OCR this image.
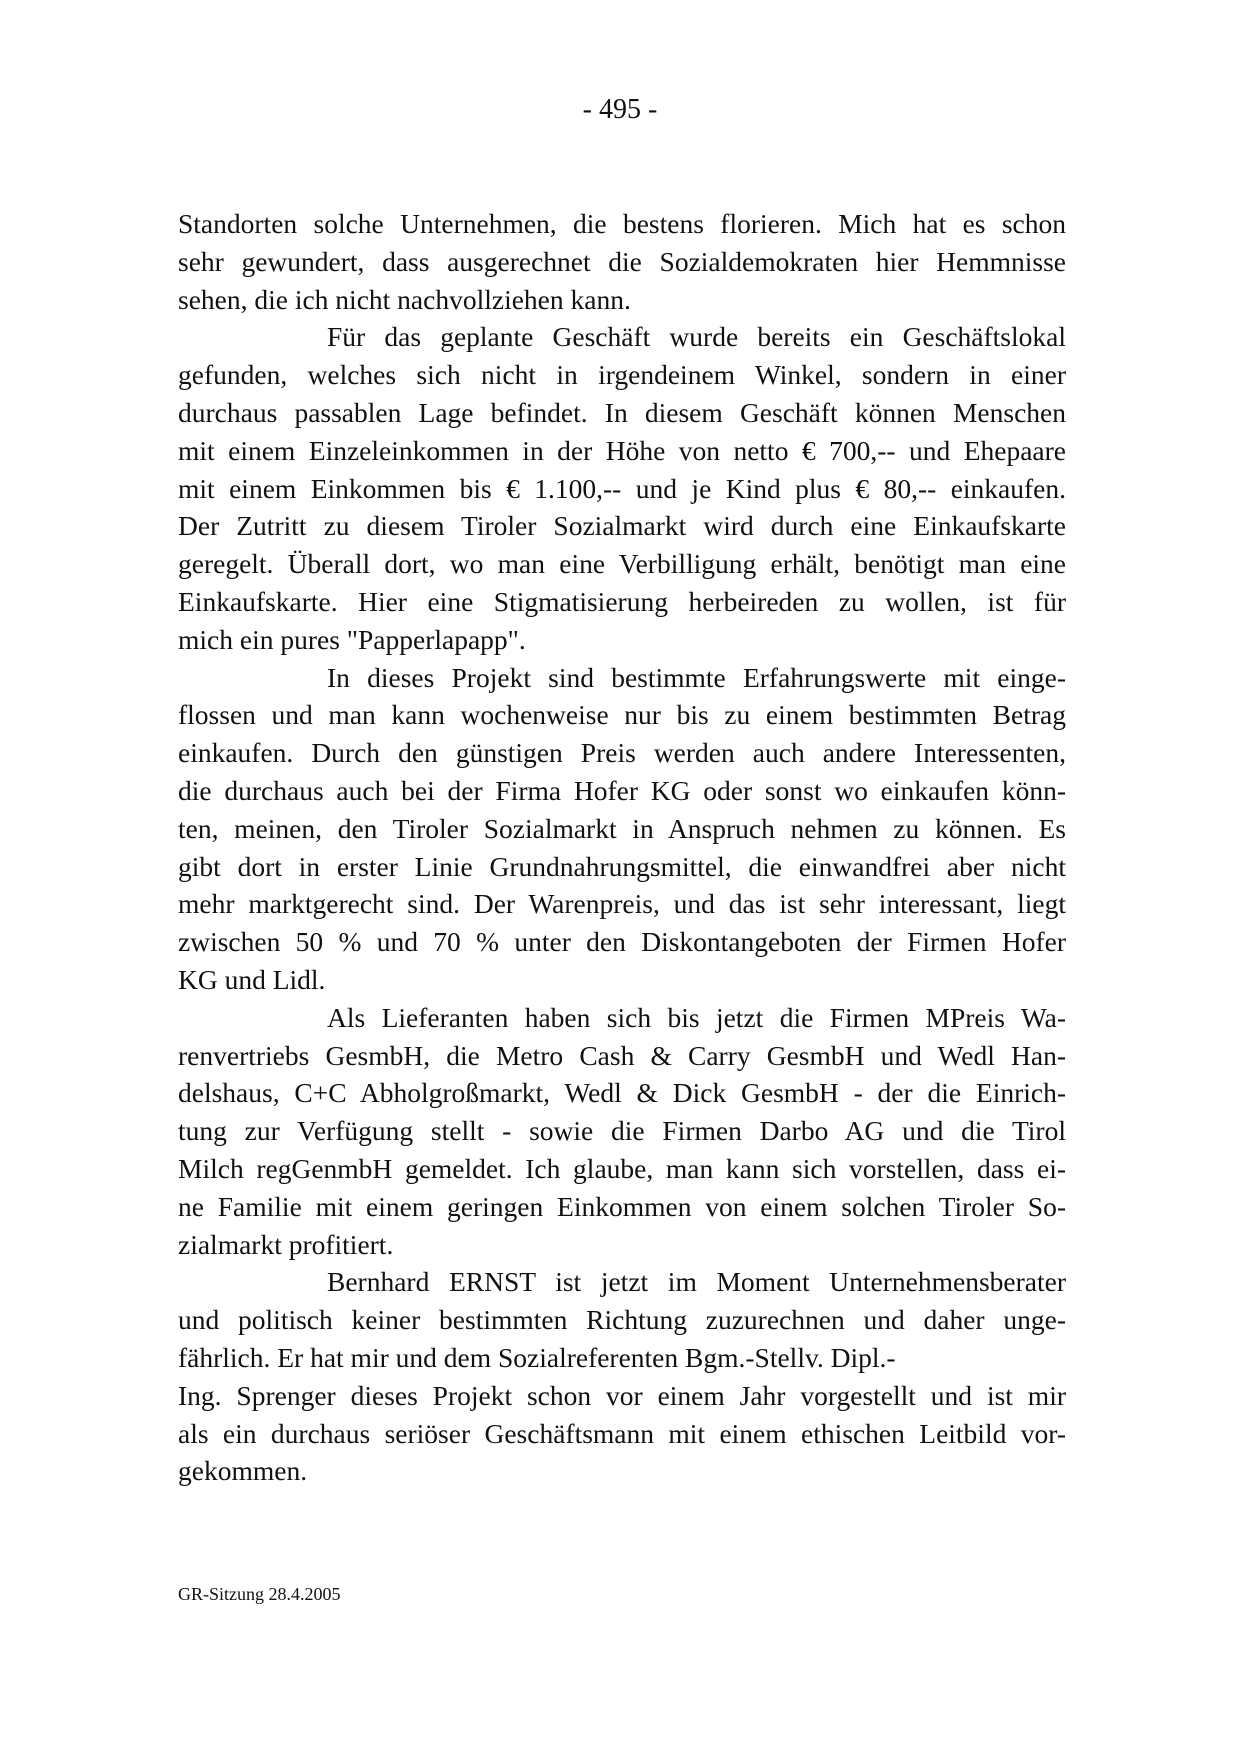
- 495 -
Standorten solche Unternehmen, die bestens florieren. Mich hat es schon
sehr gewundert, dass ausgerechnet die Sozialdemokraten hier Hemmnisse
sehen, die ich nicht nachvollziehen kann.
Für das geplante Geschäft wurde bereits ein Geschäftslokal
gefunden, welches sich nicht in irgendeinem Winkel, sondern in einer
durchaus passablen Lage befindet. In diesem Geschäft können Menschen
mit einem Einzeleinkommen in der Höhe von netto € 700,-- und Ehepaare
mit einem Einkommen bis € 1.100,-- und je Kind plus € 80,-- einkaufen.
Der Zutritt zu diesem Tiroler Sozialmarkt wird durch eine Einkaufskarte
geregelt. Überall dort, wo man eine Verbilligung erhält, benötigt man eine
Einkaufskarte. Hier eine Stigmatisierung herbeireden zu wollen, ist für
mich ein pures "Papperlapapp".
In dieses Projekt sind bestimmte Erfahrungswerte mit einge-
flossen und man kann wochenweise nur bis zu einem bestimmten Betrag
einkaufen. Durch den günstigen Preis werden auch andere Interessenten,
die durchaus auch bei der Firma Hofer KG oder sonst wo einkaufen könn-
ten, meinen, den Tiroler Sozialmarkt in Anspruch nehmen zu können. Es
gibt dort in erster Linie Grundnahrungsmittel, die einwandfrei aber nicht
mehr marktgerecht sind. Der Warenpreis, und das ist sehr interessant, liegt
zwischen 50 % und 70 % unter den Diskontangeboten der Firmen Hofer
KG und Lidl.
Als Lieferanten haben sich bis jetzt die Firmen MPreis Wa-
renvertriebs GesmbH, die Metro Cash & Carry GesmbH und Wedl Han-
delshaus, C+C Abholgroßmarkt, Wedl & Dick GesmbH - der die Einrich-
tung zur Verfügung stellt - sowie die Firmen Darbo AG und die Tirol
Milch regGenmbH gemeldet. Ich glaube, man kann sich vorstellen, dass ei-
ne Familie mit einem geringen Einkommen von einem solchen Tiroler So-
zialmarkt profitiert.
Bernhard ERNST ist jetzt im Moment Unternehmensberater
und politisch keiner bestimmten Richtung zuzurechnen und daher unge-
fährlich. Er hat mir und dem Sozialreferenten Bgm.-Stellv. Dipl.-
Ing. Sprenger dieses Projekt schon vor einem Jahr vorgestellt und ist mir
als ein durchaus seriöser Geschäftsmann mit einem ethischen Leitbild vor-
gekommen.
GR-Sitzung 28.4.2005
